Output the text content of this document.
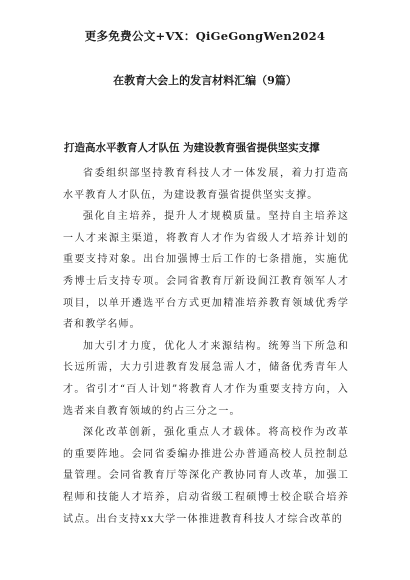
更多免费公文+VX：QiGeGongWen2024
在教育大会上的发言材料汇编（9篇）
打造高水平教育人才队伍 为建设教育强省提供坚实支撑

省委组织部坚持教育科技人才一体发展，着力打造高水平教育人才队伍，为建设教育强省提供坚实支撑。

强化自主培养，提升人才规模质量。坚持自主培养这一人才来源主渠道，将教育人才作为省级人才培养计划的重要支持对象。出台加强博士后工作的七条措施，实施优秀博士后支持专项。会同省教育厅新设阆江教育领军人才项目，以单开遴选平台方式更加精准培养教育领域优秀学者和教学名师。

加大引才力度，优化人才来源结构。统筹当下所急和长远所需，大力引进教育发展急需人才，储备优秀青年人才。省引才“百人计划”将教育人才作为重要支持方向，入选者来自教育领域的约占三分之一。

深化改革创新，强化重点人才载体。将高校作为改革的重要阵地。会同省委编办推进公办普通高校人员控制总量管理。会同省教育厅等深化产教协同育人改革，加强工程师和技能人才培养，启动省级工程硕博士校企联合培养试点。出台支持xx大学一体推进教育科技人才综合改革的
